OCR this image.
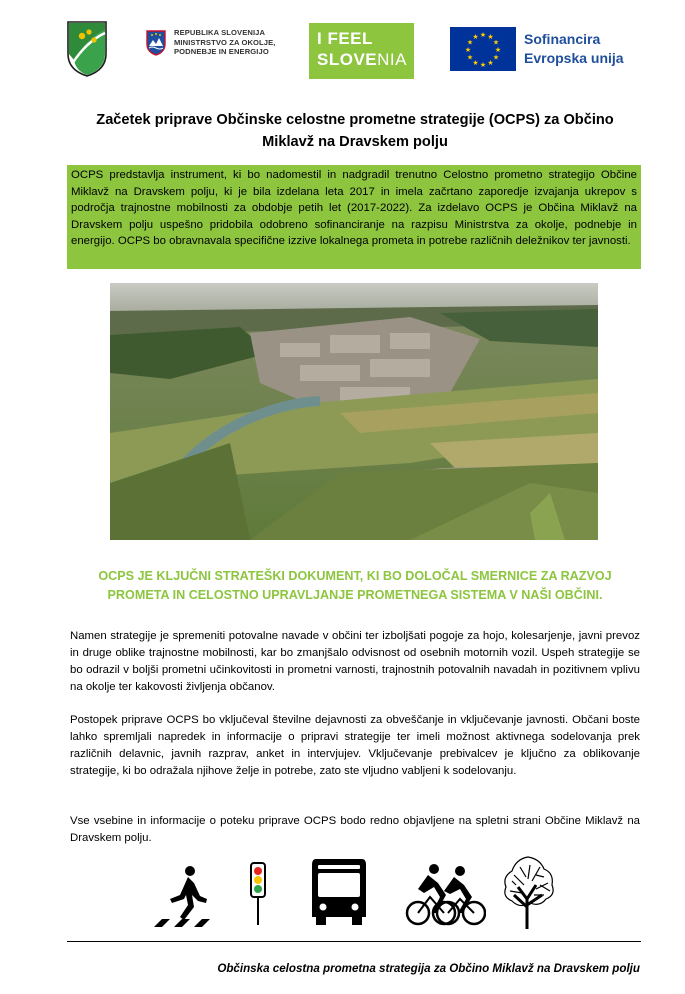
REPUBLIKA SLOVENIJA
MINISTRSTVO ZA OKOLJE,
PODNEBJE IN ENERGIJO
I FEEL
SLOVENIA
★ ★
★
★
★
★
★
★
★
★
★
★	Sofinancira
Evropska unija
Začetek priprave Občinske celostne prometne strategije (OCPS) za Občino Miklavž na Dravskem polju

OCPS predstavlja instrument, ki bo nadomestil in nadgradil trenutno Celostno prometno strategijo Občine Miklavž na Dravskem polju, ki je bila izdelana leta 2017 in imela začrtano zaporedje izvajanja ukrepov s področja trajnostne mobilnosti za obdobje petih let (2017-2022). Za izdelavo OCPS je Občina Miklavž na Dravskem polju uspešno pridobila odobreno sofinanciranje na razpisu Ministrstva za okolje, podnebje in energijo. OCPS bo obravnavala specifične izzive lokalnega prometa in potrebe različnih deležnikov ter javnosti.

OCPS JE KLJUČNI STRATEŠKI DOKUMENT, KI BO DOLOČAL SMERNICE ZA RAZVOJ PROMETA IN CELOSTNO UPRAVLJANJE PROMETNEGA SISTEMA V NAŠI OBČINI.

Namen strategije je spremeniti potovalne navade v občini ter izboljšati pogoje za hojo, kolesarjenje, javni prevoz in druge oblike trajnostne mobilnosti, kar bo zmanjšalo odvisnost od osebnih motornih vozil. Uspeh strategije se bo odrazil v boljši prometni učinkovitosti in prometni varnosti, trajnostnih potovalnih navadah in pozitivnem vplivu na okolje ter kakovosti življenja občanov.

Postopek priprave OCPS bo vključeval številne dejavnosti za obveščanje in vključevanje javnosti. Občani boste lahko spremljali napredek in informacije o pripravi strategije ter imeli možnost aktivnega sodelovanja prek različnih delavnic, javnih razprav, anket in intervjujev. Vključevanje prebivalcev je ključno za oblikovanje strategije, ki bo odražala njihove želje in potrebe, zato ste vljudno vabljeni k sodelovanju.

Vse vsebine in informacije o poteku priprave OCPS bodo redno objavljene na spletni strani Občine Miklavž na Dravskem polju.

Občinska celostna prometna strategija za Občino Miklavž na Dravskem polju
